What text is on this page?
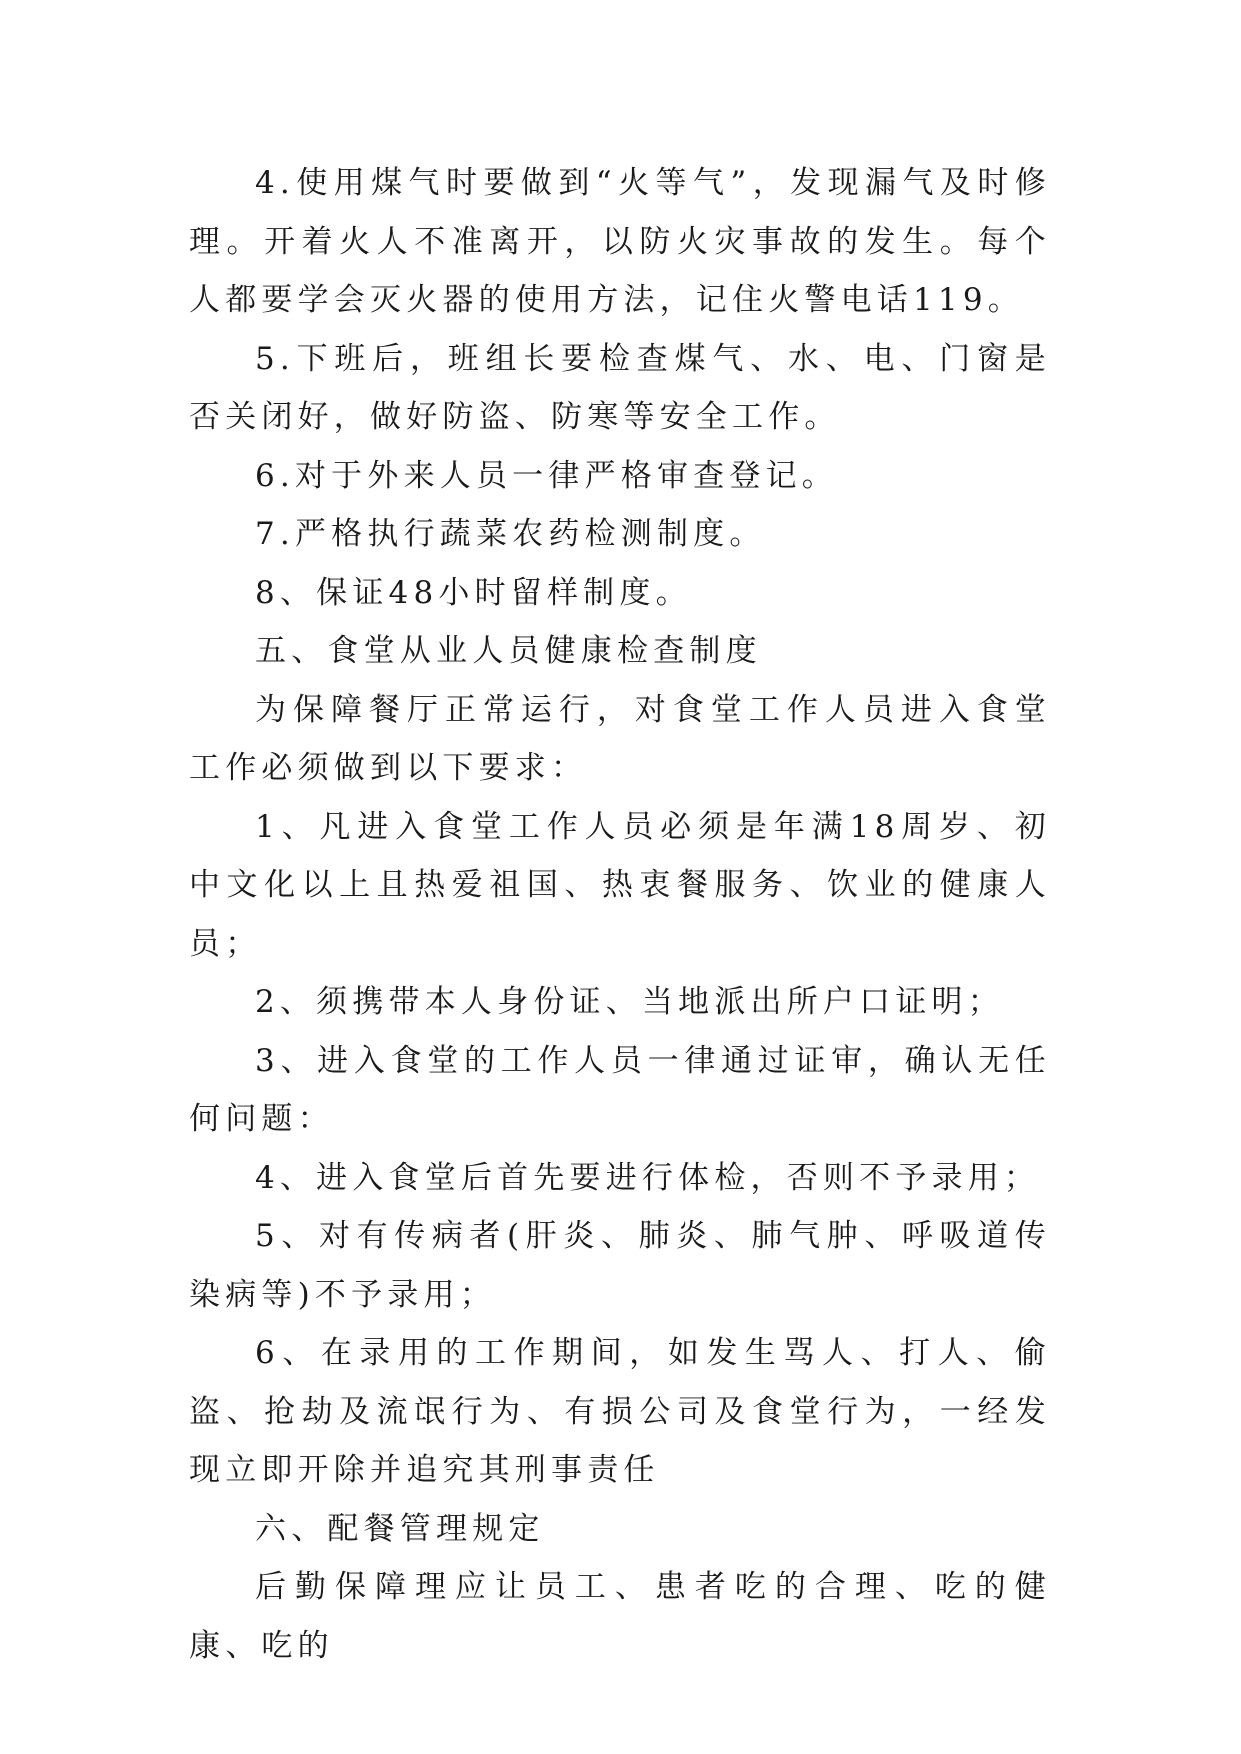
4.使用煤气时要做到“火等气”，发现漏气及时修理。开着火人不准离开，以防火灾事故的发生。每个人都要学会灭火器的使用方法，记住火警电话119。

5.下班后，班组长要检查煤气、水、电、门窗是否关闭好，做好防盗、防寒等安全工作。

6.对于外来人员一律严格审查登记。

7.严格执行蔬菜农药检测制度。

8、保证48小时留样制度。

五、食堂从业人员健康检查制度

为保障餐厅正常运行，对食堂工作人员进入食堂工作必须做到以下要求：

1、凡进入食堂工作人员必须是年满18周岁、初中文化以上且热爱祖国、热衷餐服务、饮业的健康人员；

2、须携带本人身份证、当地派出所户口证明；

3、进入食堂的工作人员一律通过证审，确认无任何问题：

4、进入食堂后首先要进行体检，否则不予录用；

5、对有传病者(肝炎、肺炎、肺气肿、呼吸道传染病等)不予录用；

6、在录用的工作期间，如发生骂人、打人、偷盗、抢劫及流氓行为、有损公司及食堂行为，一经发现立即开除并追究其刑事责任

六、配餐管理规定

后勤保障理应让员工、患者吃的合理、吃的健康、吃的
